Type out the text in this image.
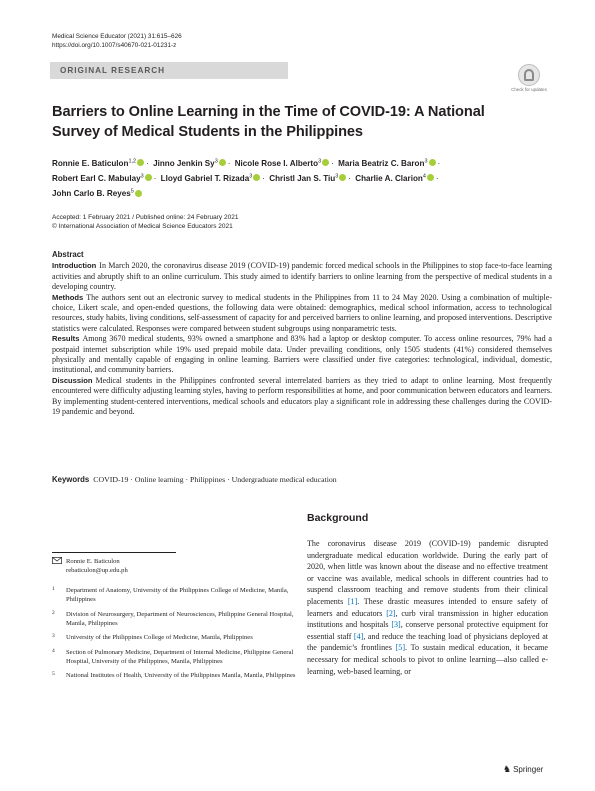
Medical Science Educator (2021) 31:615–626
https://doi.org/10.1007/s40670-021-01231-z
ORIGINAL RESEARCH
Check for updates
Barriers to Online Learning in the Time of COVID-19: A National Survey of Medical Students in the Philippines
Ronnie E. Baticulon$^{1,2}$ · Jinno Jenkin $Sy^3$ · Nicole Rose I. Alberto$^3$ · Maria Beatriz C. Baron$^3$ ·
Robert Earl C. Mabulay$^3$ · Lloyd Gabriel T. Rizada$^3$ · Christl Jan S. Tiu$^3$ · Charlie A. Clarion$^4$ ·
John Carlo B. Reyes$^5$
Accepted: 1 February 2021 / Published online: 24 February 2021
© International Association of Medical Science Educators 2021
Abstract

Introduction In March 2020, the coronavirus disease 2019 (COVID-19) pandemic forced medical schools in the Philippines to stop face-to-face learning activities and abruptly shift to an online curriculum. This study aimed to identify barriers to online learning from the perspective of medical students in a developing country.

Methods The authors sent out an electronic survey to medical students in the Philippines from 11 to 24 May 2020. Using a combination of multiple-choice, Likert scale, and open-ended questions, the following data were obtained: demographics, medical school information, access to technological resources, study habits, living conditions, self-assessment of capacity for and perceived barriers to online learning, and proposed interventions. Descriptive statistics were calculated. Responses were compared between student subgroups using nonparametric tests.

Results Among 3670 medical students, 93% owned a smartphone and 83% had a laptop or desktop computer. To access online resources, 79% had a postpaid internet subscription while 19% used prepaid mobile data. Under prevailing conditions, only 1505 students (41%) considered themselves physically and mentally capable of engaging in online learning. Barriers were classified under five categories: technological, individual, domestic, institutional, and community barriers.

Discussion Medical students in the Philippines confronted several interrelated barriers as they tried to adapt to online learning. Most frequently encountered were difficulty adjusting learning styles, having to perform responsibilities at home, and poor communication between educators and learners. By implementing student-centered interventions, medical schools and educators play a significant role in addressing these challenges during the COVID-19 pandemic and beyond.

Keywords COVID-19 · Online learning · Philippines · Undergraduate medical education
Ronnie E. Baticulon
rebaticulon@up.edu.ph
1 Department of Anatomy, University of the Philippines College of Medicine, Manila, Philippines
2 Division of Neurosurgery, Department of Neurosciences, Philippine General Hospital, Manila, Philippines
3 University of the Philippines College of Medicine, Manila, Philippines
4 Section of Pulmonary Medicine, Department of Internal Medicine, Philippine General Hospital, University of the Philippines, Manila, Philippines
5 National Institutes of Health, University of the Philippines Manila, Manila, Philippines
Background
The coronavirus disease 2019 (COVID-19) pandemic disrupted undergraduate medical education worldwide. During the early part of 2020, when little was known about the disease and no effective treatment or vaccine was available, medical schools in different countries had to suspend classroom teaching and remove students from their clinical placements [1]. These drastic measures intended to ensure safety of learners and educators [2], curb viral transmission in higher education institutions and hospitals [3], conserve personal protective equipment for essential staff [4], and reduce the teaching load of physicians deployed at the pandemic’s frontlines [5]. To sustain medical education, it became necessary for medical schools to pivot to online learning—also called e-learning, web-based learning, or
♞ Springer
